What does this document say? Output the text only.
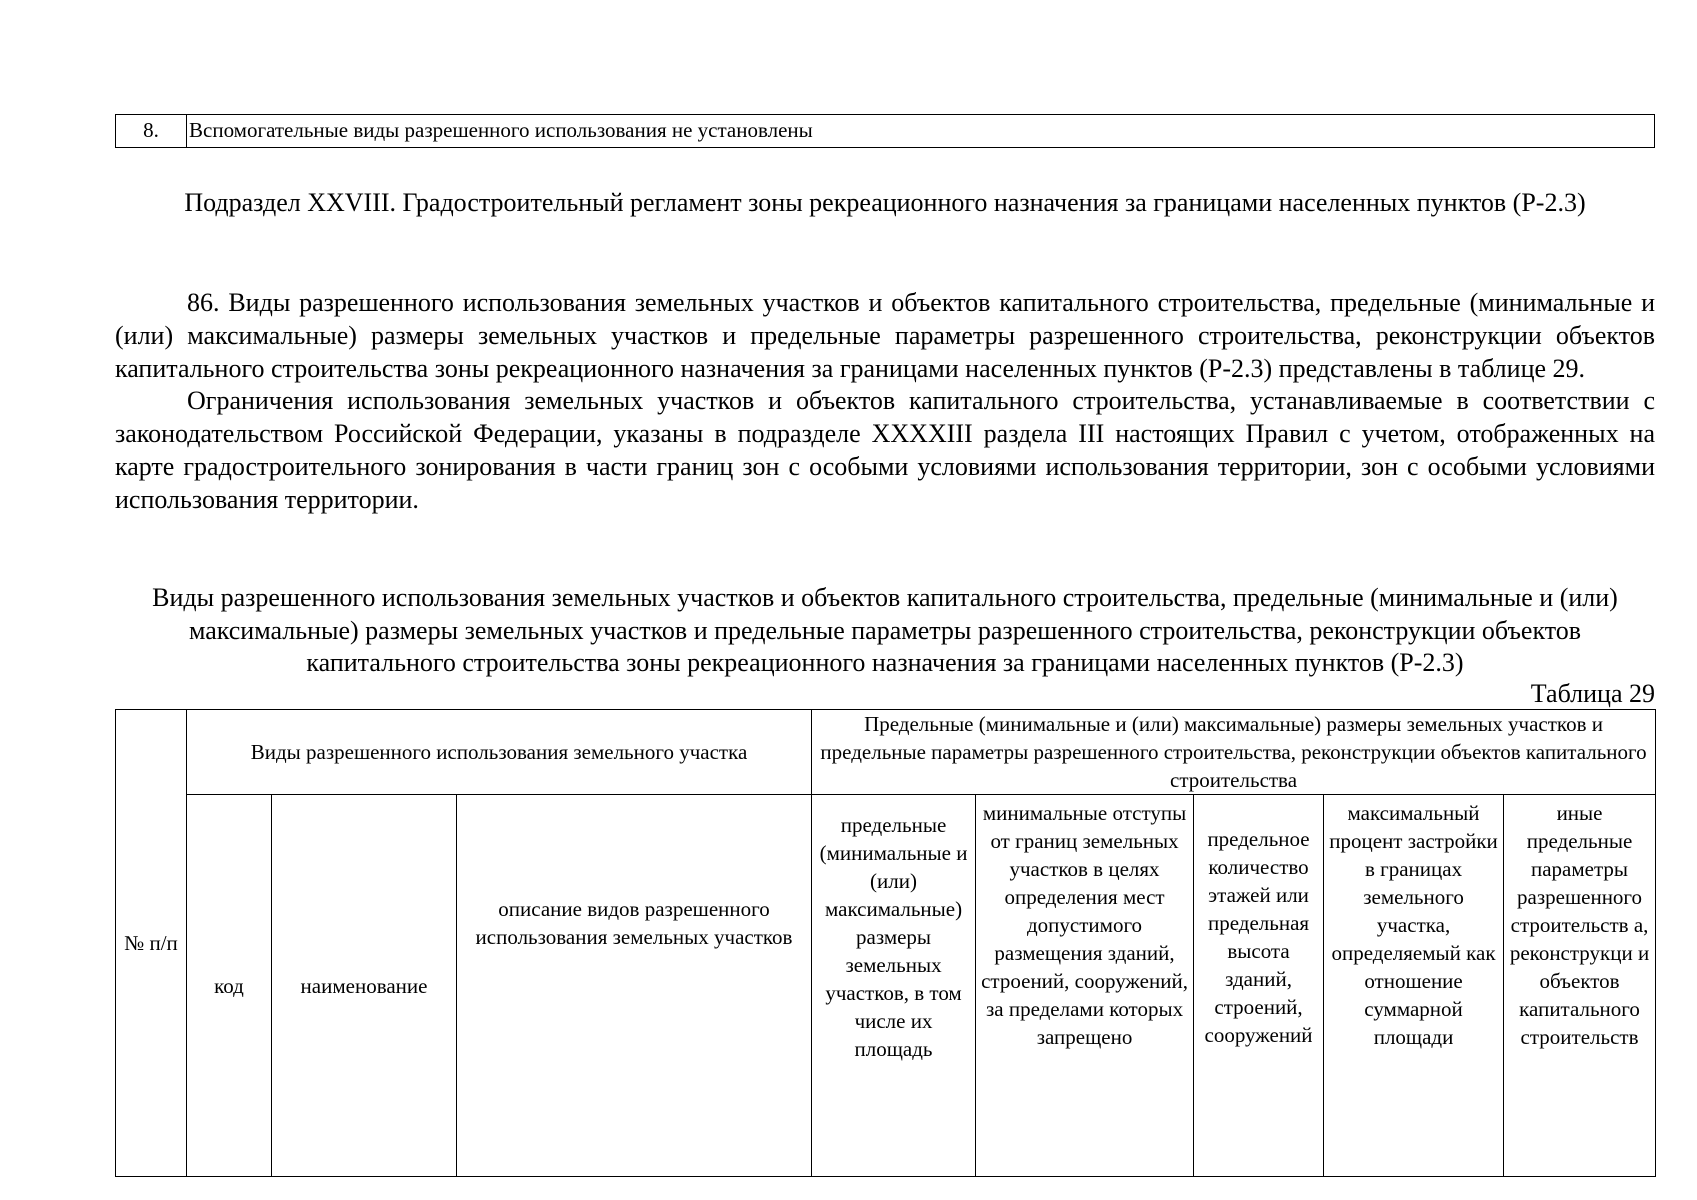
8.	Вспомогательные виды разрешенного использования не установлены
Подраздел XXVIII. Градостроительный регламент зоны рекреационного назначения за границами населенных пунктов (Р-2.3)

86. Виды разрешенного использования земельных участков и объектов капитального строительства, предельные (минимальные и (или) максимальные) размеры земельных участков и предельные параметры разрешенного строительства, реконструкции объектов капитального строительства зоны рекреационного назначения за границами населенных пунктов (Р-2.3) представлены в таблице 29.

Ограничения использования земельных участков и объектов капитального строительства, устанавливаемые в соответствии с законодательством Российской Федерации, указаны в подразделе XXXXIII раздела III настоящих Правил с учетом, отображенных на карте градостроительного зонирования в части границ зон с особыми условиями использования территории, зон с особыми условиями использования территории.

Виды разрешенного использования земельных участков и объектов капитального строительства, предельные (минимальные и (или) максимальные) размеры земельных участков и предельные параметры разрешенного строительства, реконструкции объектов капитального строительства зоны рекреационного назначения за границами населенных пунктов (Р-2.3)
Таблица 29
№ п/п	Виды разрешенного использования земельного участка			Предельные (минимальные и (или) максимальные) размеры земельных участков и предельные параметры разрешенного строительства, реконструкции объектов капитального строительства				
	код	наименование	описание видов разрешенного использования земельных участков	предельные (минимальные и (или) максимальные) размеры земельных участков, в том числе их площадь	минимальные отступы от границ земельных участков в целях определения мест допустимого размещения зданий, строений, сооружений, за пределами которых запрещено	предельное количество этажей или предельная высота зданий, строений, сооружений	максимальный процент застройки в границах земельного участка, определяемый как отношение суммарной площади	иные предельные параметры разрешенного строительств а, реконструкци и объектов капитального строительств
